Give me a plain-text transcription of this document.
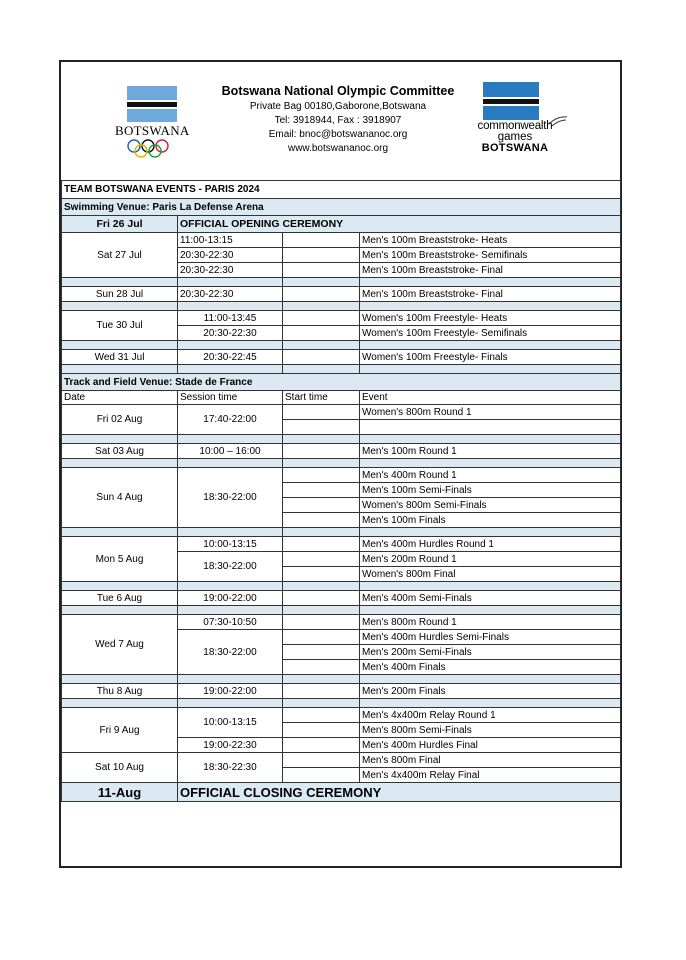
BOTSWANA
Botswana National Olympic Committee
Private Bag 00180,Gaborone,Botswana
Tel: 3918944, Fax : 3918907
Email: bnoc@botswananoc.org
www.botswananoc.org
commonwealth
games
BOTSWANA
TEAM BOTSWANA EVENTS - PARIS 2024			
Swimming Venue: Paris La Defense Arena			
Fri 26 Jul	OFFICIAL OPENING CEREMONY		
Sat 27 Jul	11:00-13:15		Men's 100m Breaststroke- Heats
	20:30-22:30		Men's 100m Breaststroke- Semifinals
	20:30-22:30		Men's 100m Breaststroke- Final

Sun 28 Jul	20:30-22:30		Men's 100m Breaststroke- Final

Tue 30 Jul	11:00-13:45		Women's 100m Freestyle- Heats
	20:30-22:30		Women's 100m Freestyle- Semifinals

Wed 31 Jul	20:30-22:45		Women's 100m Freestyle- Finals

Track and Field Venue: Stade de France			
Date	Session time	Start time	Event
Fri 02 Aug	17:40-22:00		Women's 800m Round 1

Sat 03 Aug	10:00 – 16:00		Men's 100m Round 1

Sun 4 Aug	18:30-22:00		Men's 400m Round 1
			Men's 100m Semi-Finals
			Women's 800m Semi-Finals
			Men's 100m Finals

Mon 5 Aug	10:00-13:15		Men's 400m Hurdles Round 1
	18:30-22:00		Men's 200m Round 1
			Women's 800m Final

Tue 6 Aug	19:00-22:00		Men's 400m Semi-Finals

Wed 7 Aug	07:30-10:50		Men's 800m Round 1
	18:30-22:00		Men's 400m Hurdles Semi-Finals
			Men's 200m Semi-Finals
			Men's 400m Finals

Thu 8 Aug	19:00-22:00		Men's 200m Finals

Fri 9 Aug	10:00-13:15		Men's 4x400m Relay Round 1
			Men's 800m Semi-Finals
	19:00-22:30		Men's 400m Hurdles Final
Sat 10 Aug	18:30-22:30		Men's 800m Final
			Men's 4x400m Relay Final
11-Aug	OFFICIAL CLOSING CEREMONY		
